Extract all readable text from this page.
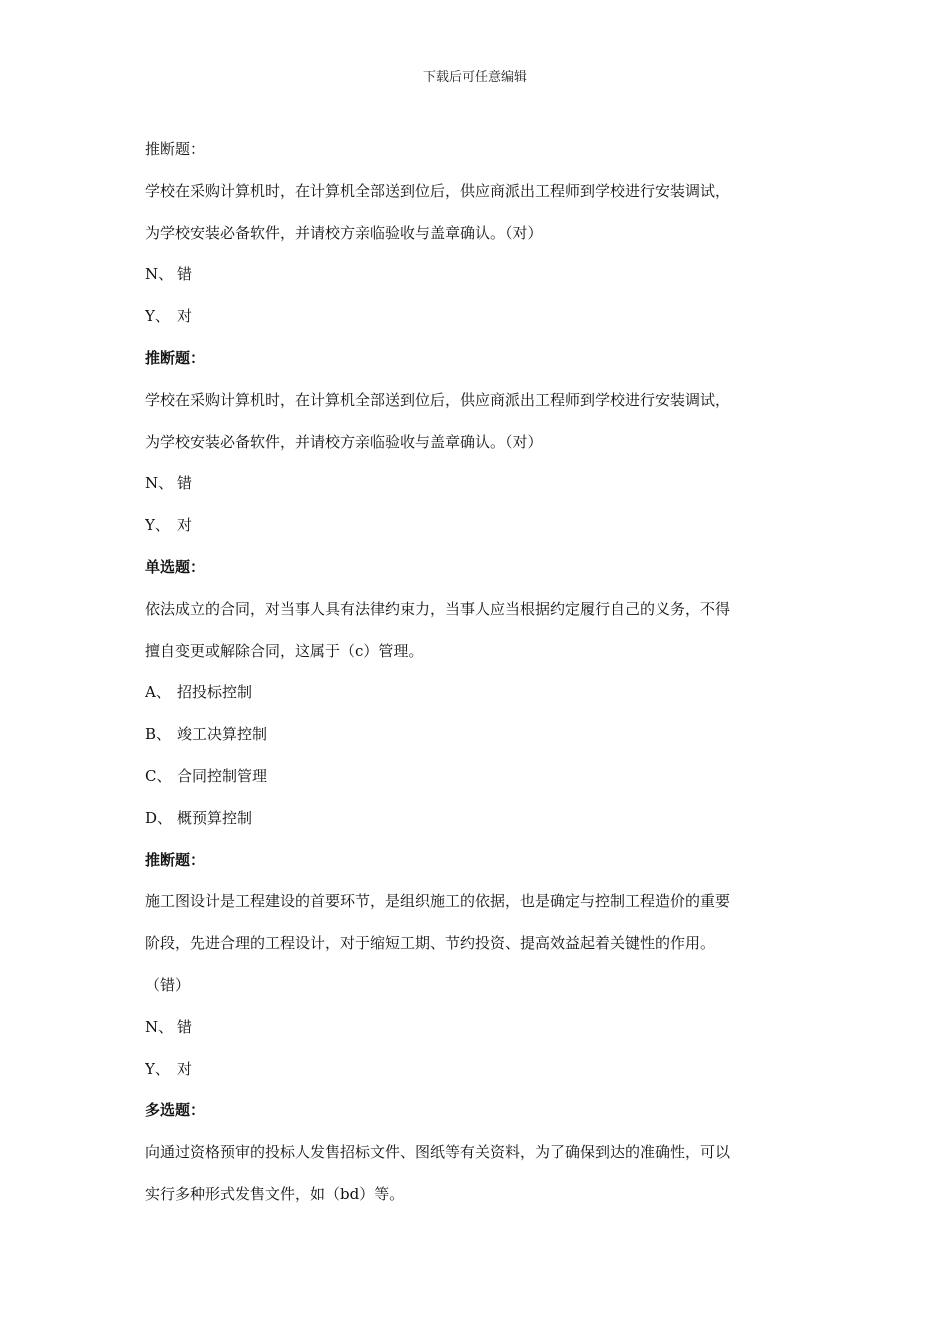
下载后可任意编辑
推断题：
学校在采购计算机时，在计算机全部送到位后，供应商派出工程师到学校进行安装调试，
为学校安装必备软件，并请校方亲临验收与盖章确认。（对）
N、 错
Y、 对
推断题：
学校在采购计算机时，在计算机全部送到位后，供应商派出工程师到学校进行安装调试，
为学校安装必备软件，并请校方亲临验收与盖章确认。（对）
N、 错
Y、 对
单选题：
依法成立的合同，对当事人具有法律约束力，当事人应当根据约定履行自己的义务，不得
擅自变更或解除合同，这属于（c）管理。
A、 招投标控制
B、 竣工决算控制
C、 合同控制管理
D、 概预算控制
推断题：
施工图设计是工程建设的首要环节，是组织施工的依据，也是确定与控制工程造价的重要
阶段，先进合理的工程设计，对于缩短工期、节约投资、提高效益起着关键性的作用。
（错）
N、 错
Y、 对
多选题：
向通过资格预审的投标人发售招标文件、图纸等有关资料，为了确保到达的准确性，可以
实行多种形式发售文件，如（bd）等。
